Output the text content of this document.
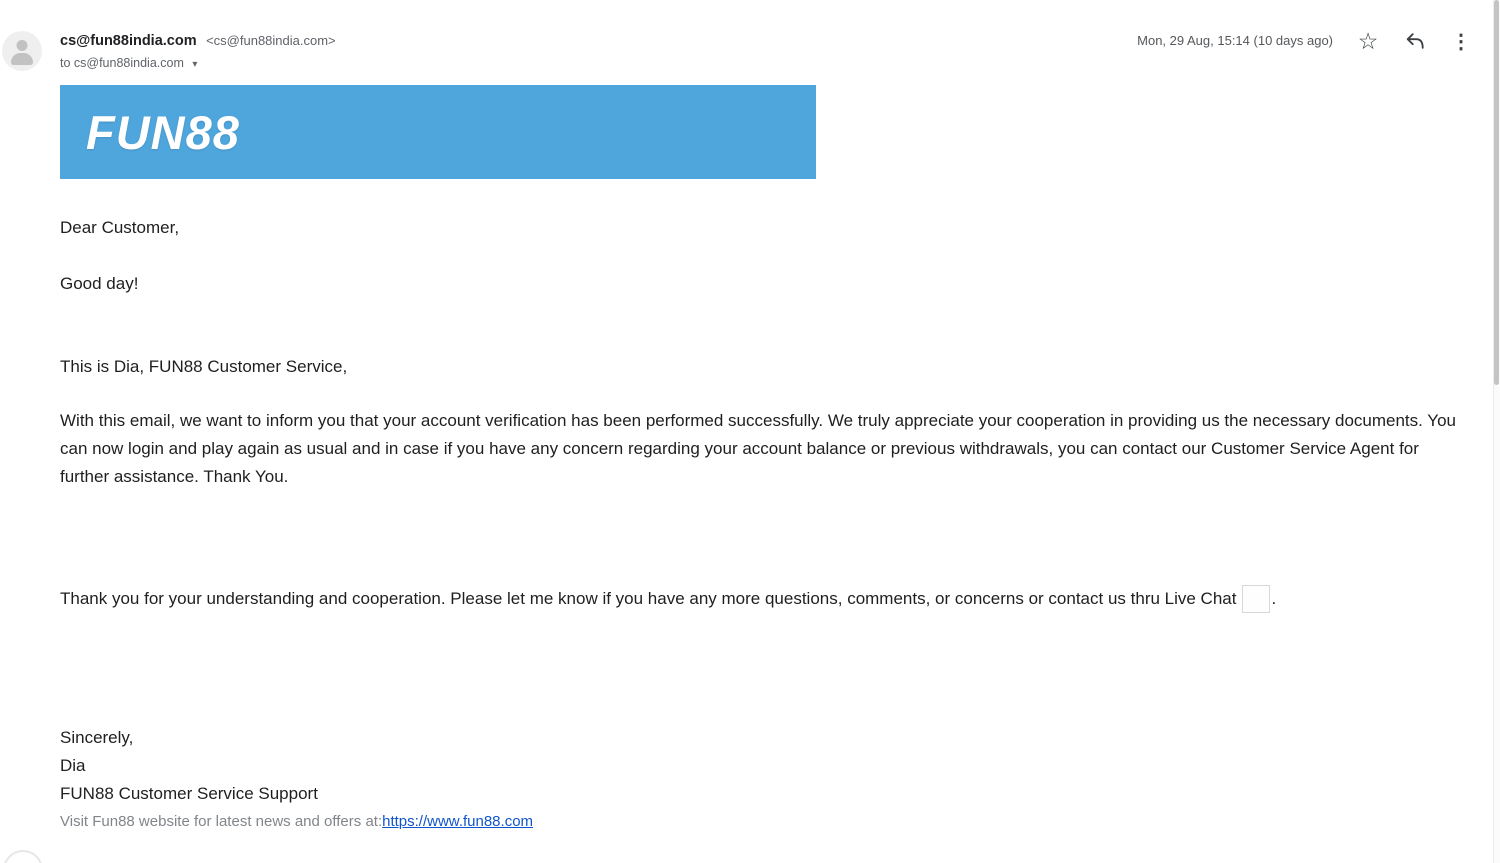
cs@fun88india.com <cs@fun88india.com>
to cs@fun88india.com ▾
Mon, 29 Aug, 15:14 (10 days ago) ☆	⋮
FUN88
Dear Customer,
Good day!
This is Dia, FUN88 Customer Service,
With this email, we want to inform you that your account verification has been performed successfully. We truly appreciate your cooperation in providing us the necessary documents. You can now login and play again as usual and in case if you have any concern regarding your account balance or previous withdrawals, you can contact our Customer Service Agent for further assistance. Thank You.
Thank you for your understanding and cooperation. Please let me know if you have any more questions, comments, or concerns or contact us thru Live Chat .
Sincerely,
Dia
FUN88 Customer Service Support
Visit Fun88 website for latest news and offers at:https://www.fun88.com
